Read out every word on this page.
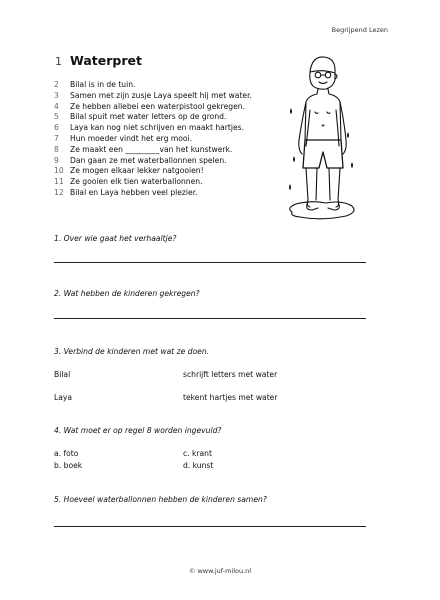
Begrijpend Lezen
1 Waterpret
2	Bilal is in de tuin.
3	Samen met zijn zusje Laya speelt hij met water.
4	Ze hebben allebei een waterpistool gekregen.
5	Bilal spuit met water letters op de grond.
6	Laya kan nog niet schrijven en maakt hartjes.
7	Hun moeder vindt het erg mooi.
8	Ze maakt een _________van het kunstwerk.
9	Dan gaan ze met waterballonnen spelen.
10 Ze mogen elkaar lekker natgooien!
11 Ze gooien elk tien waterballonnen.
12 Bilal en Laya hebben veel plezier.
1. Over wie gaat het verhaaltje?
2. Wat hebben de kinderen gekregen?
3. Verbind de kinderen met wat ze doen.
Bilal	schrijft letters met water
Laya	tekent hartjes met water
4. Wat moet er op regel 8 worden ingevuld?
a. foto
b. boek
c. krant
d. kunst
5. Hoeveel waterballonnen hebben de kinderen samen?
© www.juf-milou.nl
